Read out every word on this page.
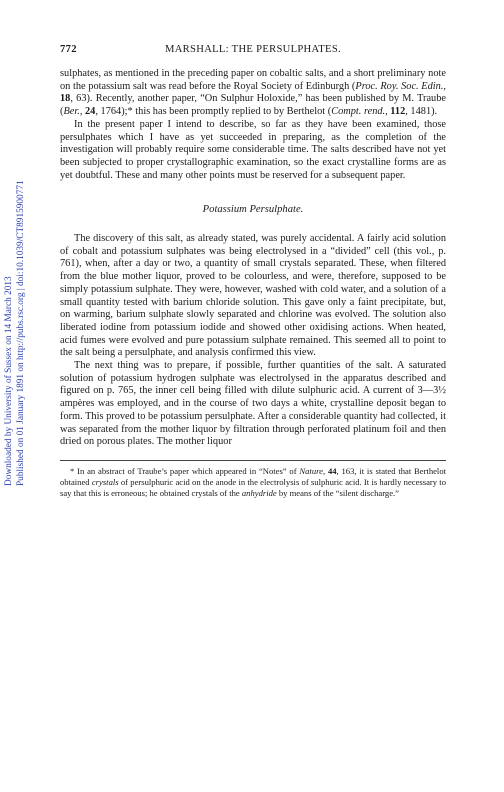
Downloaded by University of Sussex on 14 March 2013 Published on 01 January 1891 on http://pubs.rsc.org | doi:10.1039/CT8915900771
772	MARSHALL: THE PERSULPHATES.

sulphates, as mentioned in the preceding paper on cobaltic salts, and a short preliminary note on the potassium salt was read before the Royal Society of Edinburgh (Proc. Roy. Soc. Edin., 18, 63). Recently, another paper, “On Sulphur Holoxide,” has been published by M. Traube (Ber., 24, 1764);* this has been promptly replied to by Berthelot (Compt. rend., 112, 1481).

In the present paper I intend to describe, so far as they have been examined, those persulphates which I have as yet succeeded in preparing, as the completion of the investigation will probably require some considerable time. The salts described have not yet been subjected to proper crystallographic examination, so the exact crystalline forms are as yet doubtful. These and many other points must be reserved for a subsequent paper.

Potassium Persulphate.

The discovery of this salt, as already stated, was purely accidental. A fairly acid solution of cobalt and potassium sulphates was being electrolysed in a “divided” cell (this vol., p. 761), when, after a day or two, a quantity of small crystals separated. These, when filtered from the blue mother liquor, proved to be colourless, and were, therefore, supposed to be simply potassium sulphate. They were, however, washed with cold water, and a solution of a small quantity tested with barium chloride solution. This gave only a faint precipitate, but, on warming, barium sulphate slowly separated and chlorine was evolved. The solution also liberated iodine from potassium iodide and showed other oxidising actions. When heated, acid fumes were evolved and pure potassium sulphate remained. This seemed all to point to the salt being a persulphate, and analysis confirmed this view.

The next thing was to prepare, if possible, further quantities of the salt. A saturated solution of potassium hydrogen sulphate was electrolysed in the apparatus described and figured on p. 765, the inner cell being filled with dilute sulphuric acid. A current of 3—3½ ampères was employed, and in the course of two days a white, crystalline deposit began to form. This proved to be potassium persulphate. After a considerable quantity had collected, it was separated from the mother liquor by filtration through perforated platinum foil and then dried on porous plates. The mother liquor

* In an abstract of Traube’s paper which appeared in “Notes” of Nature, 44, 163, it is stated that Berthelot obtained crystals of persulphuric acid on the anode in the electrolysis of sulphuric acid. It is hardly necessary to say that this is erroneous; he obtained crystals of the anhydride by means of the “silent discharge.”
